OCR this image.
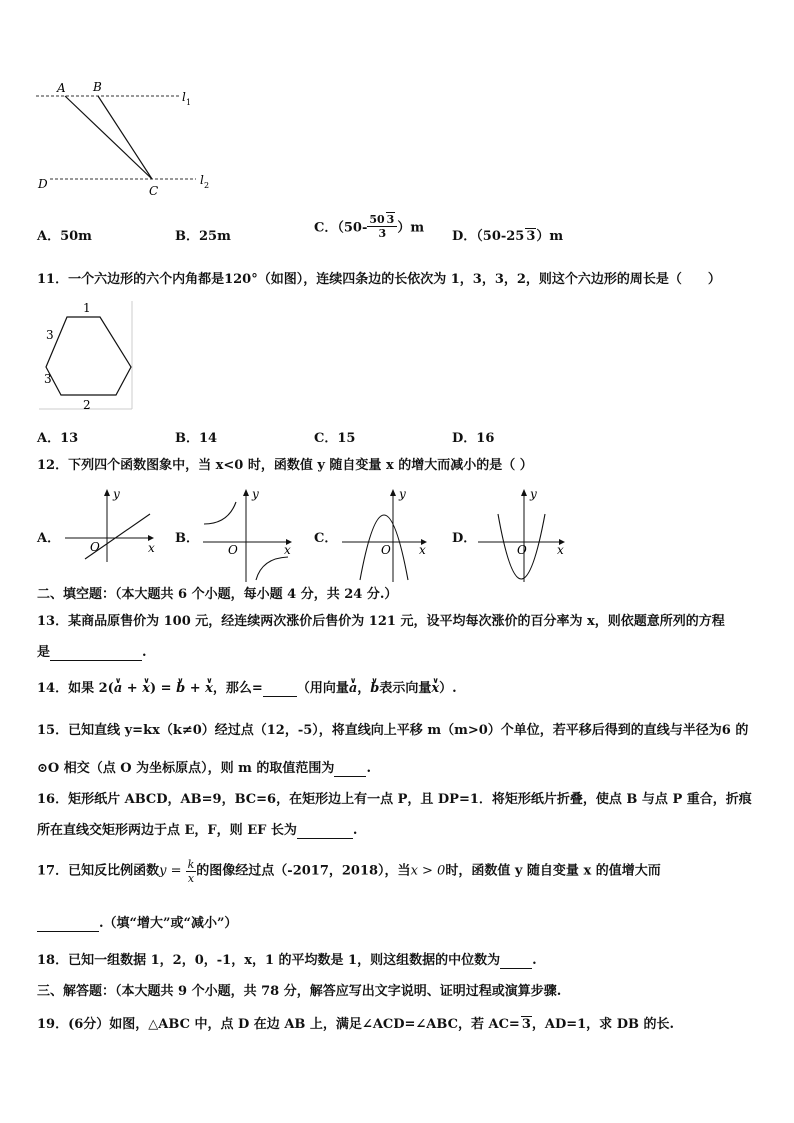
A B
C
D
l 1
l 2
A．50m	B．25m
C．$(50- \frac{50 3}{3} )m$
D．（50-25 3）m
11．一个六边形的六个内角都是120°（如图），连续四条边的长依次为 1，3，3，2，则这个六边形的周长是（　　）
1
3
3
2
A．13	B．14	C．15	D．16
12．下列四个函数图象中，当 x<0 时，函数值 y 随自变量 x 的增大而减小的是（ ）
A．
y
x
O
B．
y
x
O
C．
y
x
O
D．
y
x
O
二、填空题：（本大题共 6 个小题，每小题 4 分，共 24 分.）
13．某商品原售价为 100 元，经连续两次涨价后售价为 121 元，设平均每次涨价的百分率为 x，则依题意所列的方程
是	.
14．如果 2(∨ a + ∨ x) = ∨ b + ∨ x，那么=	（用向量∨ a，∨ b表示向量∨ x）.
15．已知直线 y=kx（k≠0）经过点（12，-5），将直线向上平移 m（m>0）个单位，若平移后得到的直线与半径为6 的
⊙O 相交（点 O 为坐标原点），则 m 的取值范围为 .
16．矩形纸片 ABCD，AB=9，BC=6，在矩形边上有一点 P，且 DP=1．将矩形纸片折叠，使点 B 与点 P 重合，折痕
所在直线交矩形两边于点 E，F，则 EF 长为	.
17．已知反比例函数$y = \frac{k}{x}$ 的图像经过点（-2017，2018），当x > 0时，函数值 y 随自变量 x 的值增大而
.（填“增大”或“减小”）
18．已知一组数据 1，2，0，-1，x，1 的平均数是 1，则这组数据的中位数为 .
三、解答题：（本大题共 9 个小题，共 78 分，解答应写出文字说明、证明过程或演算步骤.
19．(6分）如图，△ABC 中，点 D 在边 AB 上，满足∠ACD=∠ABC，若 AC= 3，AD=1，求 DB 的长.
